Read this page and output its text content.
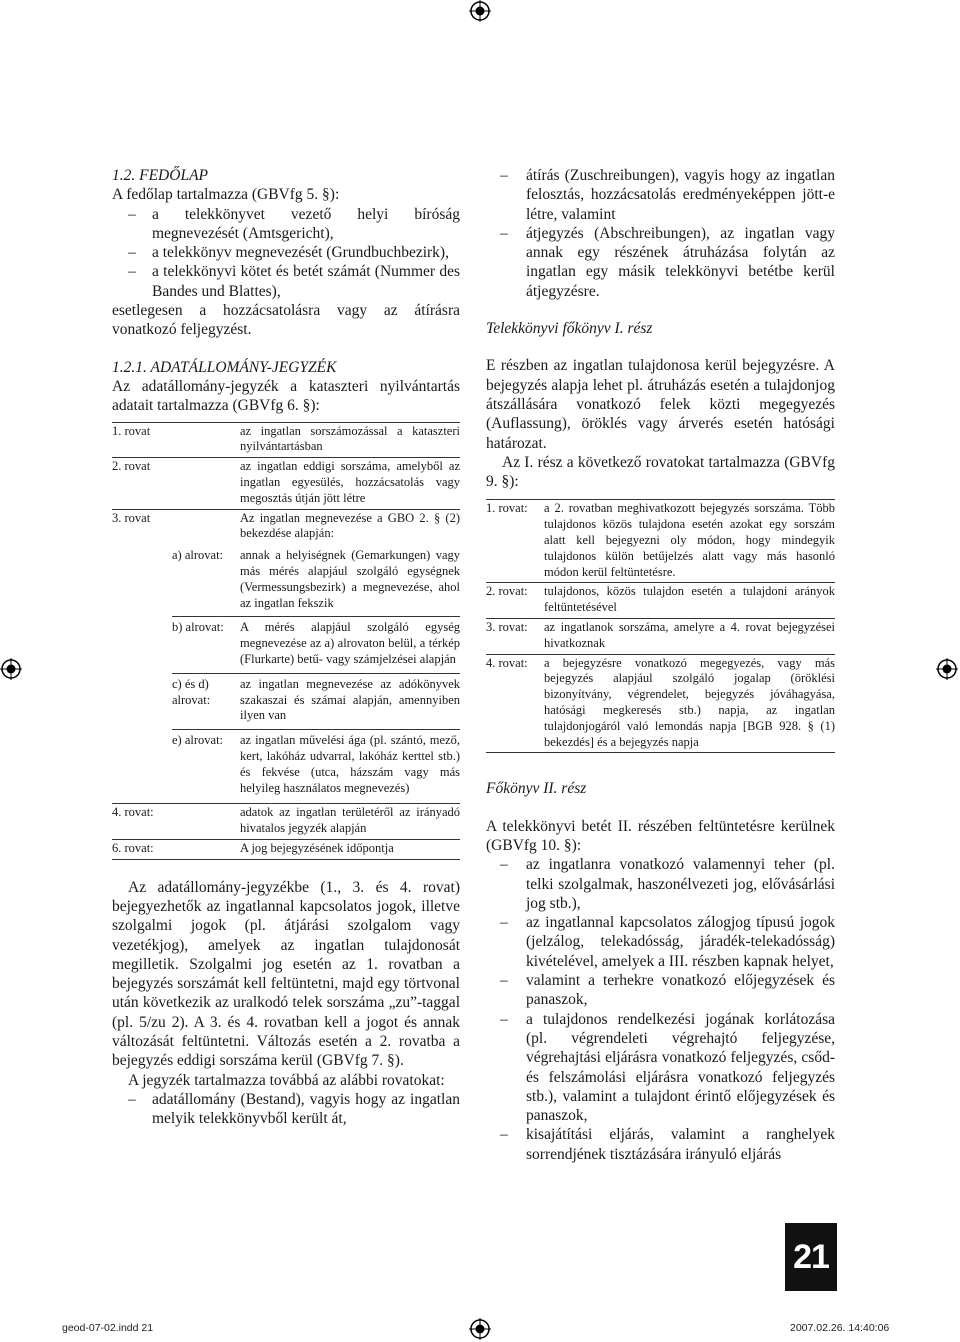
1.2. FEDŐLAP

A fedőlap tartalmazza (GBVfg 5. §):

– a telekkönyvet vezető helyi bíróság megnevezését (Amtsgericht),
– a telekkönyv megnevezését (Grundbuchbezirk),
– a telekkönyvi kötet és betét számát (Nummer des Bandes und Blattes),

esetlegesen a hozzácsatolásra vagy az átírásra vonatkozó feljegyzést.

1.2.1. ADATÁLLOMÁNY-JEGYZÉK

Az adatállomány-jegyzék a kataszteri nyilvántartás adatait tartalmazza (GBVfg 6. §):

1. rovat	az ingatlan sorszámozással a kataszteri nyilvántartásban
2. rovat	az ingatlan eddigi sorszáma, amelyből az ingatlan egyesülés, hozzácsatolás vagy megosztás útján jött létre
3. rovat	Az ingatlan megnevezése a GBO 2. § (2) bekezdése alapján:

a) alrovat:	annak a helyiségnek (Gemarkungen) vagy más mérés alapjául szolgáló egységnek (Vermessungsbezirk) a megnevezése, ahol az ingatlan fekszik
b) alrovat:	A mérés alapjául szolgáló egység megnevezése az a) alrovaton belül, a térkép (Flurkarte) betű- vagy számjelzései alapján
c) és d) alrovat:	az ingatlan megnevezése az adókönyvek szakaszai és számai alapján, amennyiben ilyen van
e) alrovat:	az ingatlan művelési ága (pl. szántó, mező, kert, lakóház udvarral, lakóház kerttel stb.) és fekvése (utca, házszám vagy más helyileg használatos megnevezés)

4. rovat:	adatok az ingatlan területéről az irányadó hivatalos jegyzék alapján
6. rovat:	A jog bejegyzésének időpontja

Az adatállomány-jegyzékbe (1., 3. és 4. rovat) bejegyezhetők az ingatlannal kapcsolatos jogok, illetve szolgalmi jogok (pl. átjárási szolgalom vagy vezetékjog), amelyek az ingatlan tulajdonosát megilletik. Szolgalmi jog esetén az 1. rovatban a bejegyzés sorszámát kell feltüntetni, majd egy törtvonal után következik az uralkodó telek sorszáma „zu”-taggal (pl. 5/zu 2). A 3. és 4. rovatban kell a jogot és annak változását feltüntetni. Változás esetén a 2. rovatba a bejegyzés eddigi sorszáma kerül (GBVfg 7. §).

A jegyzék tartalmazza továbbá az alábbi rovatokat:

– adatállomány (Bestand), vagyis hogy az ingatlan melyik telekkönyvből került át,
– átírás (Zuschreibungen), vagyis hogy az ingatlan felosztás, hozzácsatolás eredményeképpen jött-e létre, valamint
– átjegyzés (Abschreibungen), az ingatlan vagy annak egy részének átruházása folytán az ingatlan egy másik telekkönyvi betétbe kerül átjegyzésre.

Telekkönyvi főkönyv I. rész

E részben az ingatlan tulajdonosa kerül bejegyzésre. A bejegyzés alapja lehet pl. átruházás esetén a tulajdonjog átszállására vonatkozó felek közti megegyezés (Auflassung), öröklés vagy árverés esetén hatósági határozat.

Az I. rész a következő rovatokat tartalmazza (GBVfg 9. §):

1. rovat:	a 2. rovatban meghivatkozott bejegyzés sorszáma. Több tulajdonos közös tulajdona esetén azokat egy sorszám alatt kell bejegyezni oly módon, hogy mindegyik tulajdonos külön betűjelzés alatt vagy más hasonló módon kerül feltüntetésre.
2. rovat:	tulajdonos, közös tulajdon esetén a tulajdoni arányok feltüntetésével
3. rovat:	az ingatlanok sorszáma, amelyre a 4. rovat bejegyzései hivatkoznak
4. rovat:	a bejegyzésre vonatkozó megegyezés, vagy más bejegyzés alapjául szolgáló jogalap (öröklési bizonyítvány, végrendelet, bejegyzés jóváhagyása, hatósági megkeresés stb.) napja, az ingatlan tulajdonjogáról való lemondás napja [BGB 928. § (1) bekezdés] és a bejegyzés napja

Főkönyv II. rész

A telekkönyvi betét II. részében feltüntetésre kerülnek (GBVfg 10. §):

– az ingatlanra vonatkozó valamennyi teher (pl. telki szolgalmak, haszonélvezeti jog, elővásárlási jog stb.),
– az ingatlannal kapcsolatos zálogjog típusú jogok (jelzálog, telekadósság, járadék-telekadósság) kivételével, amelyek a III. részben kapnak helyet,
– valamint a terhekre vonatkozó előjegyzések és panaszok,
– a tulajdonos rendelkezési jogának korlátozása (pl. végrendeleti végrehajtó feljegyzése, végrehajtási eljárásra vonatkozó feljegyzés, csőd- és felszámolási eljárásra vonatkozó feljegyzés stb.), valamint a tulajdont érintő előjegyzések és panaszok,
– kisajátítási eljárás, valamint a ranghelyek sorrendjének tisztázására irányuló eljárás
21
geod-07-02.indd 21	2007.02.26. 14:40:06
